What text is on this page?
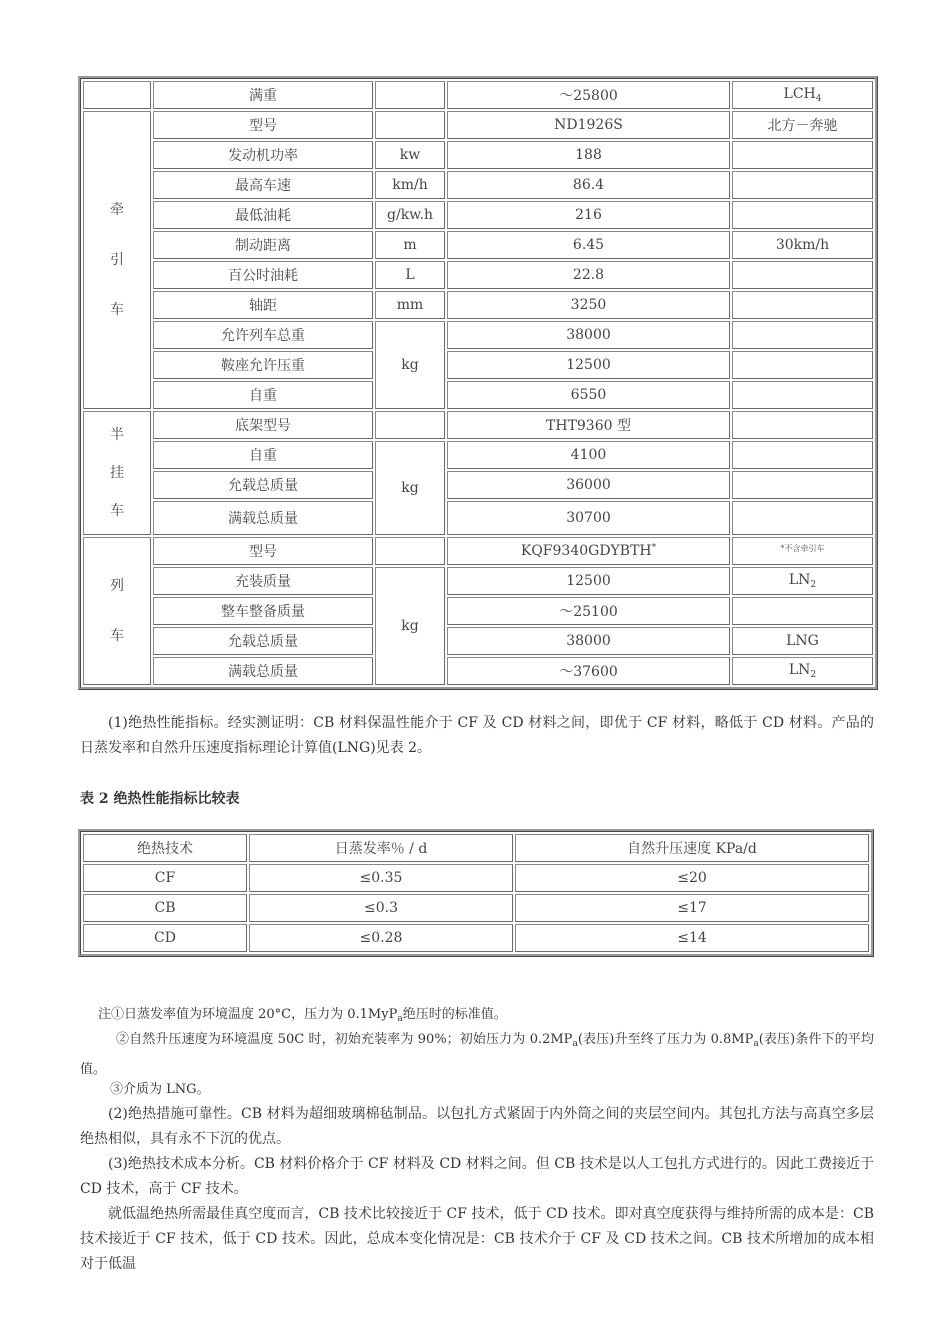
	满重		～25800	$LCH_4$
牵
引
车	型号		ND1926S	北方－奔驰
	发动机功率	kw	188	
	最高车速	km/h	86.4	
	最低油耗	g/kw.h	216	
	制动距离	m	6.45	30km/h
	百公时油耗	L	22.8	
	轴距	mm	3250	
	允许列车总重	kg	38000	
	鞍座允许压重		12500	
	自重		6550	
半
挂
车	底架型号		THT9360 型	
	自重	kg	4100	
	允载总质量		36000	
	满载总质量		30700	
列
车	型号		KQF9340GDYBTH*	$^{*不含牵引车}$
	充装质量	kg	12500	$LN_2$
	整车整备质量		～25100	
	允载总质量		38000	LNG
	满载总质量		～37600	$LN_2$

(1)绝热性能指标。经实测证明：CB 材料保温性能介于 CF 及 CD 材料之间，即优于 CF 材料，略低于 CD 材料。产品的日蒸发率和自然升压速度指标理论计算值(LNG)见表 2。

表 2 绝热性能指标比较表
绝热技术	日蒸发率％ / d	自然升压速度 KPa/d
CF	≤0.35	≤20
CB	≤0.3	≤17
CD	≤0.28	≤14

注①日蒸发率值为环境温度 20°C，压力为 0.1MyP$_a$绝压时的标准值。

②自然升压速度为环境温度 50C 时，初始充装率为 90%；初始压力为 $0.2MP_a$(表压)升至终了压力为 $0.8MP_a$(表压)条件下的平均值。

③介质为 LNG。

(2)绝热措施可靠性。CB 材料为超细玻璃棉毡制品。以包扎方式紧固于内外筒之间的夹层空间内。其包扎方法与高真空多层绝热相似，具有永不下沉的优点。

(3)绝热技术成本分析。CB 材料价格介于 CF 材料及 CD 材料之间。但 CB 技术是以人工包扎方式进行的。因此工费接近于 CD 技术，高于 CF 技术。

就低温绝热所需最佳真空度而言，CB 技术比较接近于 CF 技术，低于 CD 技术。即对真空度获得与维持所需的成本是：CB 技术接近于 CF 技术，低于 CD 技术。因此，总成本变化情况是：CB 技术介于 CF 及 CD 技术之间。CB 技术所增加的成本相对于低温
